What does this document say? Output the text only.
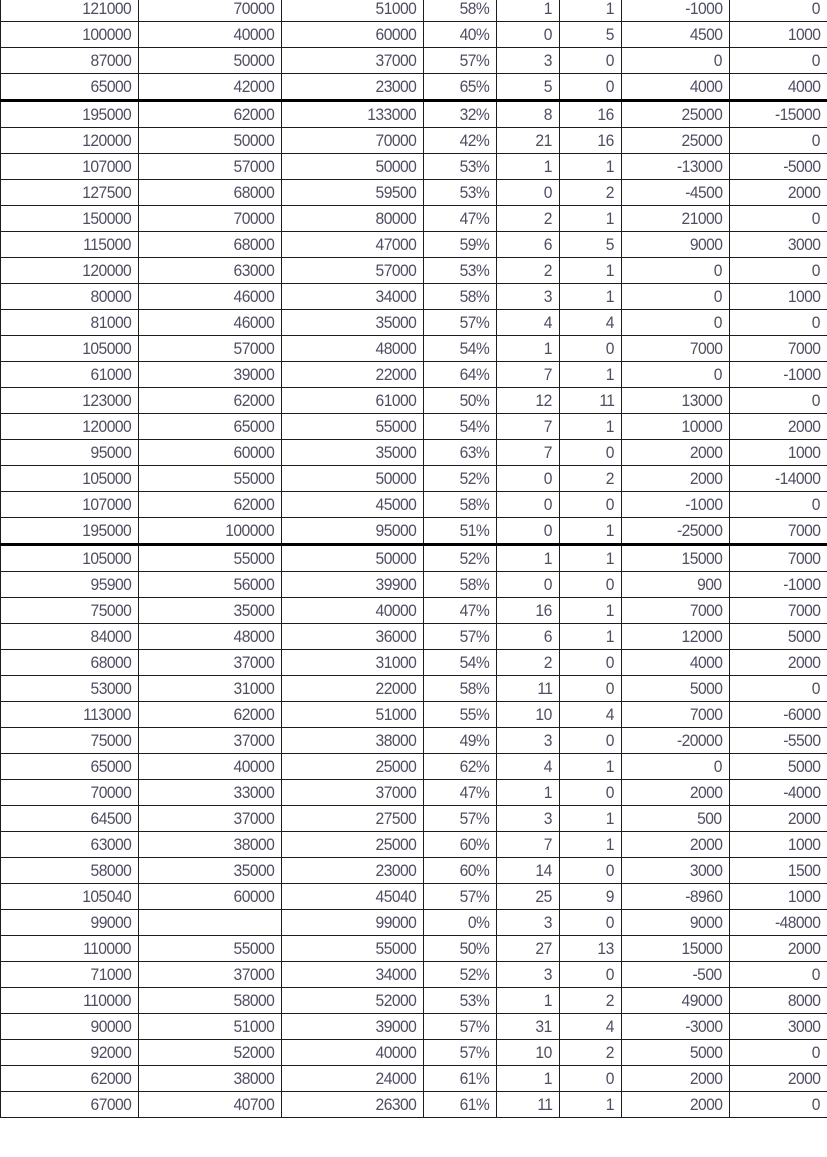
121000	70000	51000	58%	1	1	-1000	0
100000	40000	60000	40%	0	5	4500	1000
87000	50000	37000	57%	3	0	0	0
65000	42000	23000	65%	5	0	4000	4000
195000	62000	133000	32%	8	16	25000	-15000
120000	50000	70000	42%	21	16	25000	0
107000	57000	50000	53%	1	1	-13000	-5000
127500	68000	59500	53%	0	2	-4500	2000
150000	70000	80000	47%	2	1	21000	0
115000	68000	47000	59%	6	5	9000	3000
120000	63000	57000	53%	2	1	0	0
80000	46000	34000	58%	3	1	0	1000
81000	46000	35000	57%	4	4	0	0
105000	57000	48000	54%	1	0	7000	7000
61000	39000	22000	64%	7	1	0	-1000
123000	62000	61000	50%	12	11	13000	0
120000	65000	55000	54%	7	1	10000	2000
95000	60000	35000	63%	7	0	2000	1000
105000	55000	50000	52%	0	2	2000	-14000
107000	62000	45000	58%	0	0	-1000	0
195000	100000	95000	51%	0	1	-25000	7000
105000	55000	50000	52%	1	1	15000	7000
95900	56000	39900	58%	0	0	900	-1000
75000	35000	40000	47%	16	1	7000	7000
84000	48000	36000	57%	6	1	12000	5000
68000	37000	31000	54%	2	0	4000	2000
53000	31000	22000	58%	11	0	5000	0
113000	62000	51000	55%	10	4	7000	-6000
75000	37000	38000	49%	3	0	-20000	-5500
65000	40000	25000	62%	4	1	0	5000
70000	33000	37000	47%	1	0	2000	-4000
64500	37000	27500	57%	3	1	500	2000
63000	38000	25000	60%	7	1	2000	1000
58000	35000	23000	60%	14	0	3000	1500
105040	60000	45040	57%	25	9	-8960	1000
99000		99000	0%	3	0	9000	-48000
110000	55000	55000	50%	27	13	15000	2000
71000	37000	34000	52%	3	0	-500	0
110000	58000	52000	53%	1	2	49000	8000
90000	51000	39000	57%	31	4	-3000	3000
92000	52000	40000	57%	10	2	5000	0
62000	38000	24000	61%	1	0	2000	2000
67000	40700	26300	61%	11	1	2000	0
